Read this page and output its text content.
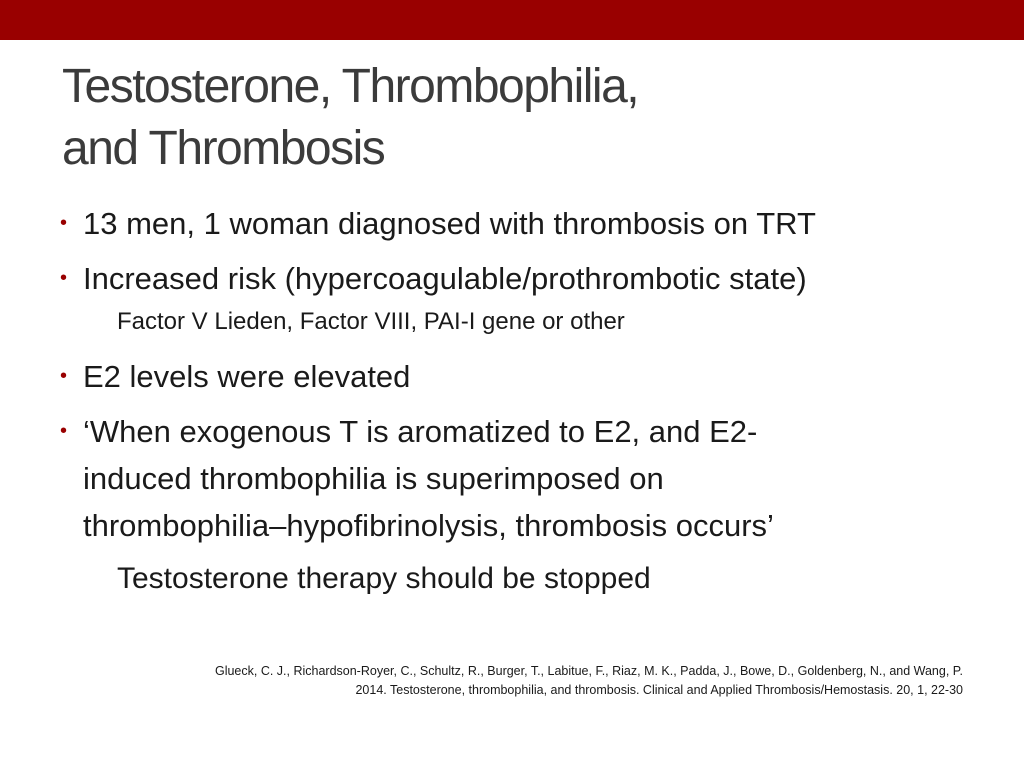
Testosterone, Thrombophilia,
and Thrombosis
• 13 men, 1 woman diagnosed with thrombosis on TRT
• Increased risk (hypercoagulable/prothrombotic state)
Factor V Lieden, Factor VIII, PAI-I gene or other
• E2 levels were elevated
• ‘When exogenous T is aromatized to E2, and E2-
induced thrombophilia is superimposed on
thrombophilia–hypofibrinolysis, thrombosis occurs’
Testosterone therapy should be stopped
Glueck, C. J., Richardson-Royer, C., Schultz, R., Burger, T., Labitue, F., Riaz, M. K., Padda, J., Bowe, D., Goldenberg, N., and Wang, P.
2014. Testosterone, thrombophilia, and thrombosis. Clinical and Applied Thrombosis/Hemostasis. 20, 1, 22-30
